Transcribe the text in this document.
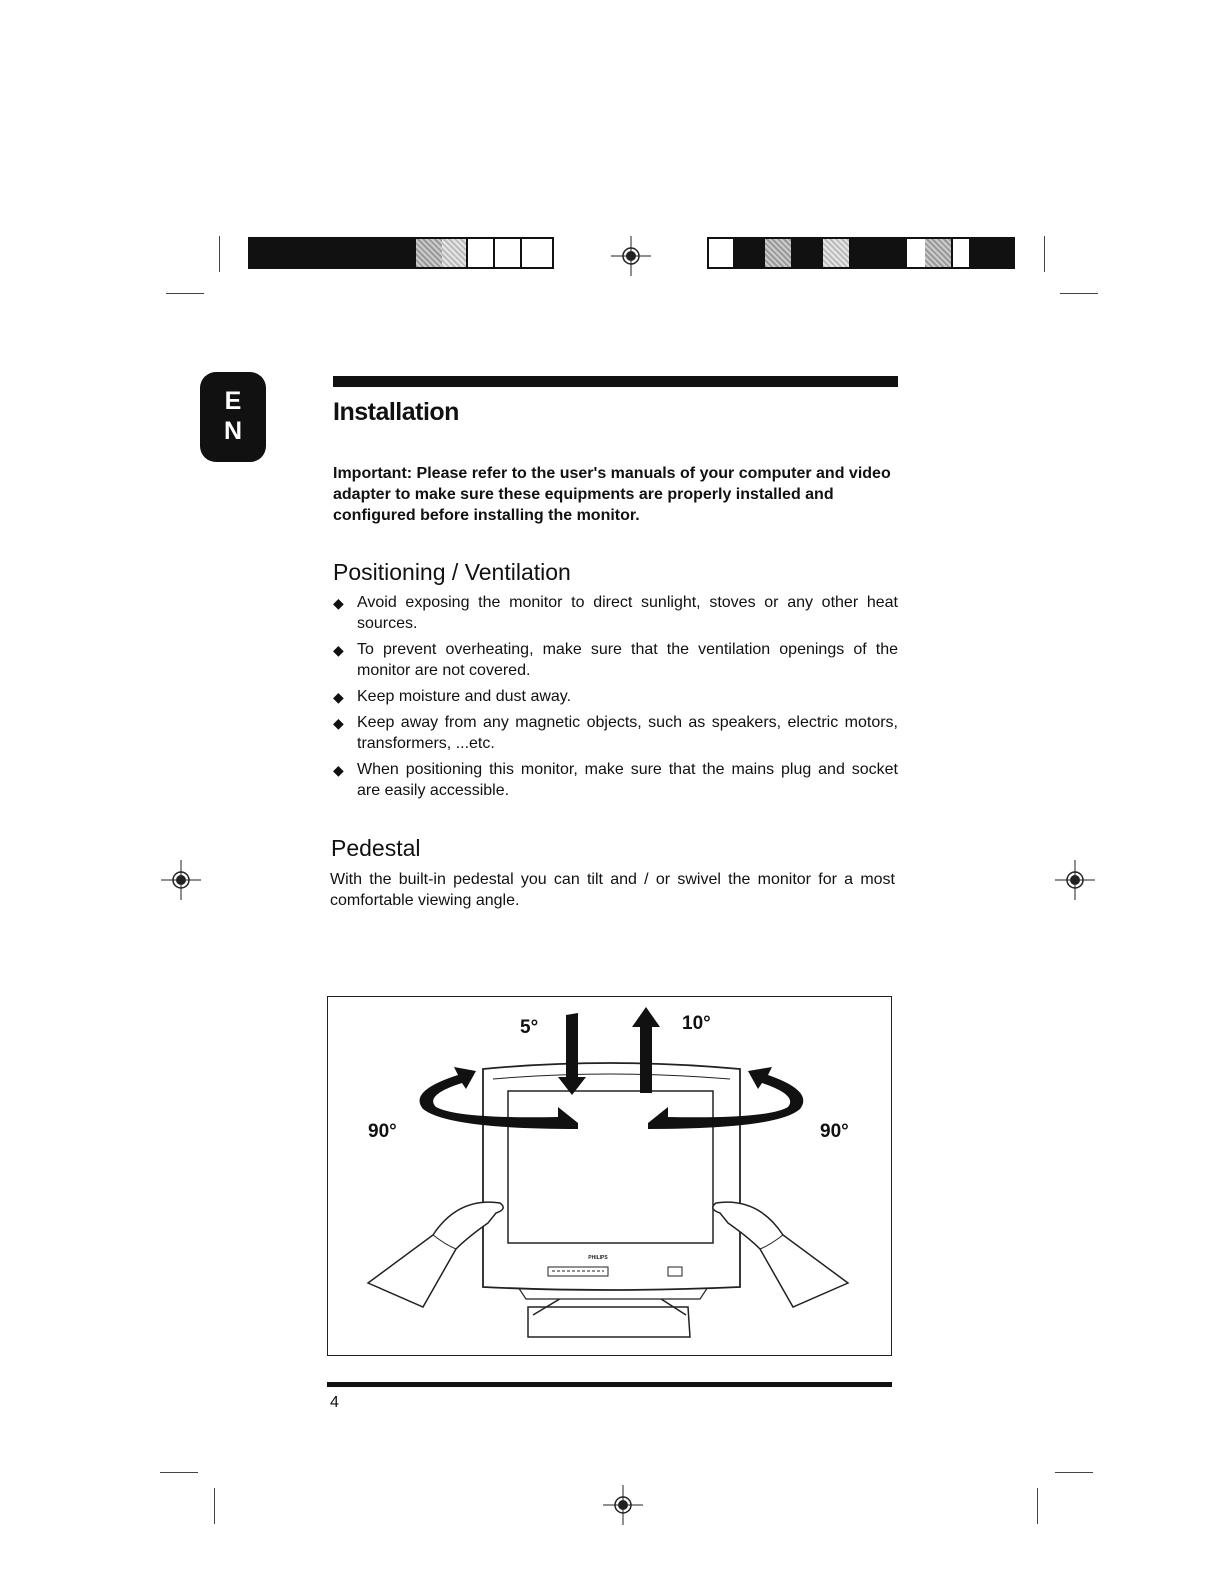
E
N
Installation
Important: Please refer to the user's manuals of your computer and video adapter to make sure these equipments are properly installed and configured before installing the monitor.
Positioning / Ventilation
◆ Avoid exposing the monitor to direct sunlight, stoves or any other heat sources.
◆ To prevent overheating, make sure that the ventilation openings of the monitor are not covered.
◆ Keep moisture and dust away.
◆ Keep away from any magnetic objects, such as speakers, electric motors, transformers, ...etc.
◆ When positioning this monitor, make sure that the mains plug and socket are easily accessible.
Pedestal
With the built-in pedestal you can tilt and / or swivel the monitor for a most comfortable viewing angle.
PHILIPS
5°	10°
90°	90°
4
